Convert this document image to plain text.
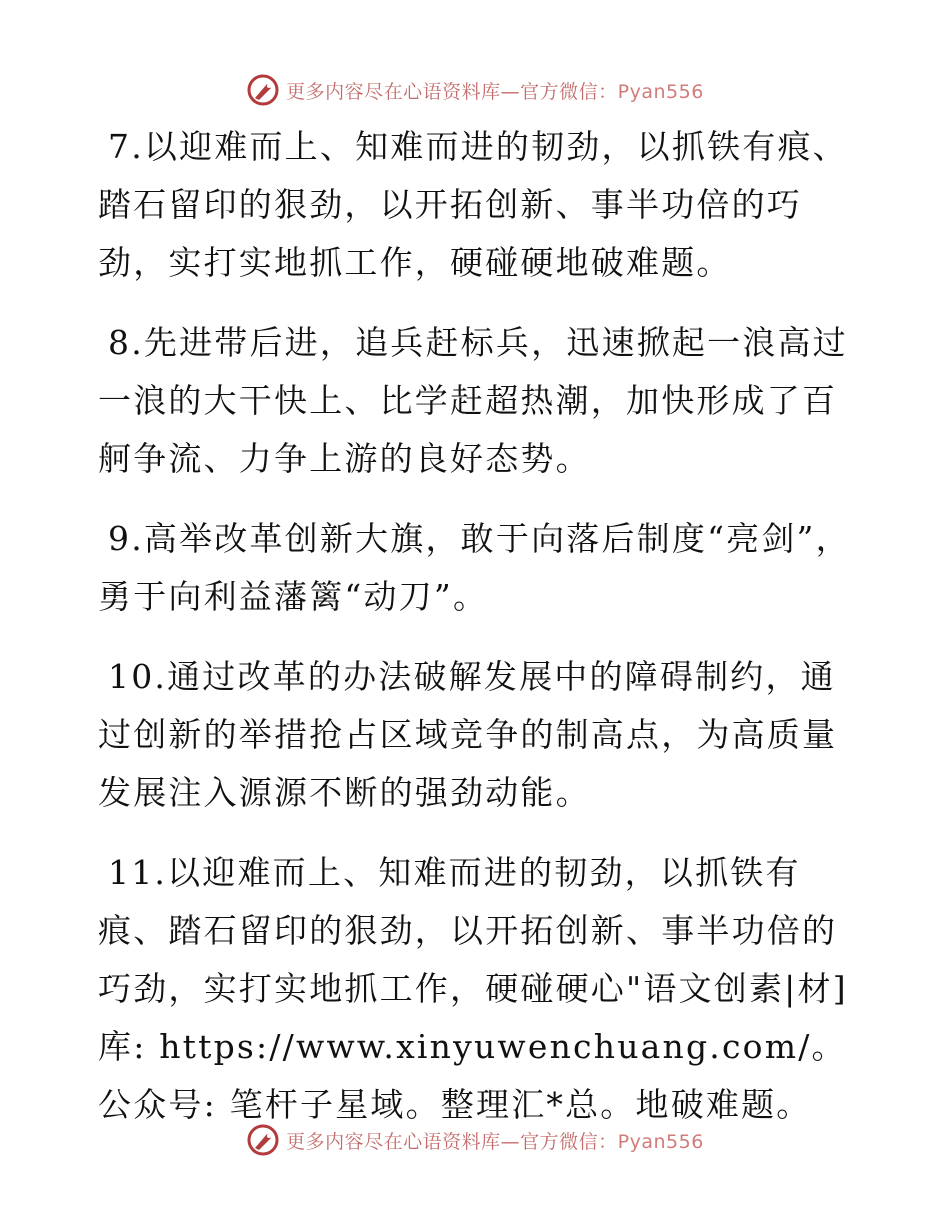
更多内容尽在心语资料库—官方微信：Pyan556

7.以迎难而上、知难而进的韧劲，以抓铁有痕、踏石留印的狠劲，以开拓创新、事半功倍的巧劲，实打实地抓工作，硬碰硬地破难题。

8.先进带后进，追兵赶标兵，迅速掀起一浪高过一浪的大干快上、比学赶超热潮，加快形成了百舸争流、力争上游的良好态势。

9.高举改革创新大旗，敢于向落后制度“亮剑”，勇于向利益藩篱“动刀”。

10.通过改革的办法破解发展中的障碍制约，通过创新的举措抢占区域竞争的制高点，为高质量发展注入源源不断的强劲动能。

11.以迎难而上、知难而进的韧劲，以抓铁有痕、踏石留印的狠劲，以开拓创新、事半功倍的巧劲，实打实地抓工作，硬碰硬心"语文创素|材]库: https://www.xinyuwenchuang.com/。公众号: 笔杆子星域。整理汇*总。地破难题。

更多内容尽在心语资料库—官方微信：Pyan556
